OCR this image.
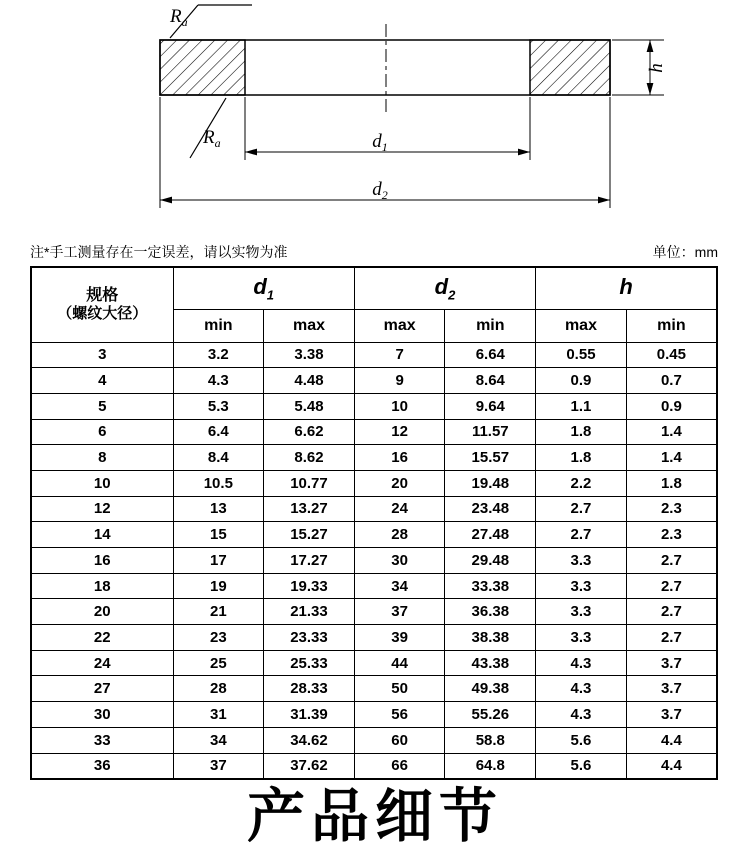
$R_a$
$R_a$
h
$d_1$
$d_2$
注*手工测量存在一定误差，请以实物为准	单位：mm
规格
（螺纹大径）	$d_1$		$d_2$		h	
	min	max	max	min	max	min
3	3.2	3.38	7	6.64	0.55	0.45
4	4.3	4.48	9	8.64	0.9	0.7
5	5.3	5.48	10	9.64	1.1	0.9
6	6.4	6.62	12	11.57	1.8	1.4
8	8.4	8.62	16	15.57	1.8	1.4
10	10.5	10.77	20	19.48	2.2	1.8
12	13	13.27	24	23.48	2.7	2.3
14	15	15.27	28	27.48	2.7	2.3
16	17	17.27	30	29.48	3.3	2.7
18	19	19.33	34	33.38	3.3	2.7
20	21	21.33	37	36.38	3.3	2.7
22	23	23.33	39	38.38	3.3	2.7
24	25	25.33	44	43.38	4.3	3.7
27	28	28.33	50	49.38	4.3	3.7
30	31	31.39	56	55.26	4.3	3.7
33	34	34.62	60	58.8	5.6	4.4
36	37	37.62	66	64.8	5.6	4.4
产品细节
